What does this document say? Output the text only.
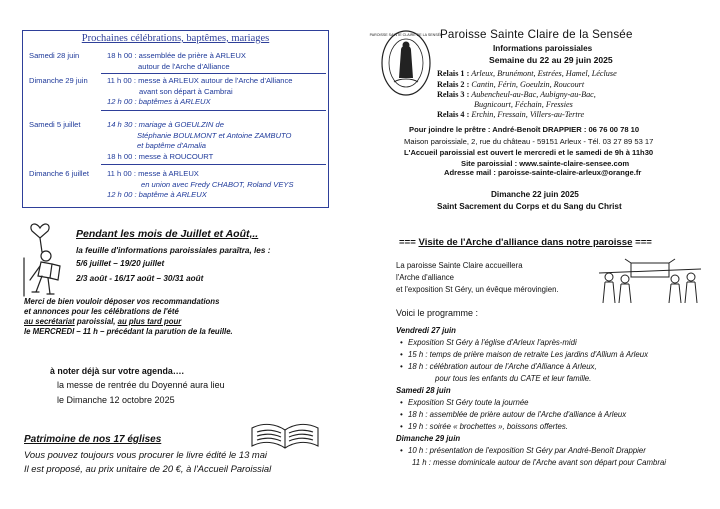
Prochaines célébrations, baptêmes, mariages
Samedi 28 juin	18 h 00 : assemblée de prière à ARLEUX
autour de l'Arche d'Alliance
Dimanche 29 juin	11 h 00 : messe à ARLEUX autour de l'Arche d'Alliance
avant son départ à Cambrai
12 h 00 : baptêmes à ARLEUX
Samedi 5 juillet	14 h 30 : mariage à GOEULZIN de
Stéphanie BOULMONT et Antoine ZAMBUTO
et baptême d'Amalia
18 h 00 : messe à ROUCOURT
Dimanche 6 juillet 11 h 00 : messe à ARLEUX
en union avec Fredy CHABOT, Roland VEYS
12 h 00 : baptême à ARLEUX
Pendant les mois de Juillet et Août,..
la feuille d'informations paroissiales paraîtra, les :
5/6 juillet – 19/20 juillet
2/3 août - 16/17 août – 30/31 août
Merci de bien vouloir déposer vos recommandations
et annonces pour les célébrations de l'été
au secrétariat paroissial, au plus tard pour
le MERCREDI – 11 h – précédant la parution de la feuille.
à noter déjà sur votre agenda….
la messe de rentrée du Doyenné aura lieu
le Dimanche 12 octobre 2025
Patrimoine de nos 17 églises
Vous pouvez toujours vous procurer le livre édité le 13 mai
Il est proposé, au prix unitaire de 20 €, à l'Accueil Paroissial
PAROISSE SAINTE CLAIRE DE LA SENSÉE
Paroisse Sainte Claire de la Sensée
Informations paroissiales
Semaine du 22 au 29 juin 2025
Relais 1 : Arleux, Brunémont, Estrées, Hamel, Lécluse
Relais 2 : Cantin, Férin, Goeulzin, Roucourt
Relais 3 : Aubencheul-au-Bac, Aubigny-au-Bac,
Bugnicourt, Féchain, Fressies
Relais 4 : Erchin, Fressain, Villers-au-Tertre
Pour joindre le prêtre : André-Benoît DRAPPIER : 06 76 00 78 10
Maison paroissiale, 2, rue du château - 59151 Arleux - Tél. 03 27 89 53 17
L'Accueil paroissial est ouvert le mercredi et le samedi de 9h à 11h30
Site paroissial : www.sainte-claire-sensee.com
Adresse mail : paroisse-sainte-claire-arleux@orange.fr
Dimanche 22 juin 2025
Saint Sacrement du Corps et du Sang du Christ
=== Visite de l'Arche d'alliance dans notre paroisse ===
La paroisse Sainte Claire accueillera
l'Arche d'alliance
et l'exposition St Géry, un évêque mérovingien.
Voici le programme :
Vendredi 27 juin
• Exposition St Géry à l'église d'Arleux l'après-midi
• 15 h : temps de prière maison de retraite Les jardins d'Allium à Arleux
• 18 h : célébration autour de l'Arche d'Alliance à Arleux,
pour tous les enfants du CATE et leur famille.
Samedi 28 juin
• Exposition St Géry toute la journée
• 18 h : assemblée de prière autour de l'Arche d'alliance à Arleux
• 19 h : soirée « brochettes », boissons offertes.
Dimanche 29 juin
• 10 h : présentation de l'exposition St Géry par André-Benoît Drappier
11 h : messe dominicale autour de l'Arche avant son départ pour Cambrai
